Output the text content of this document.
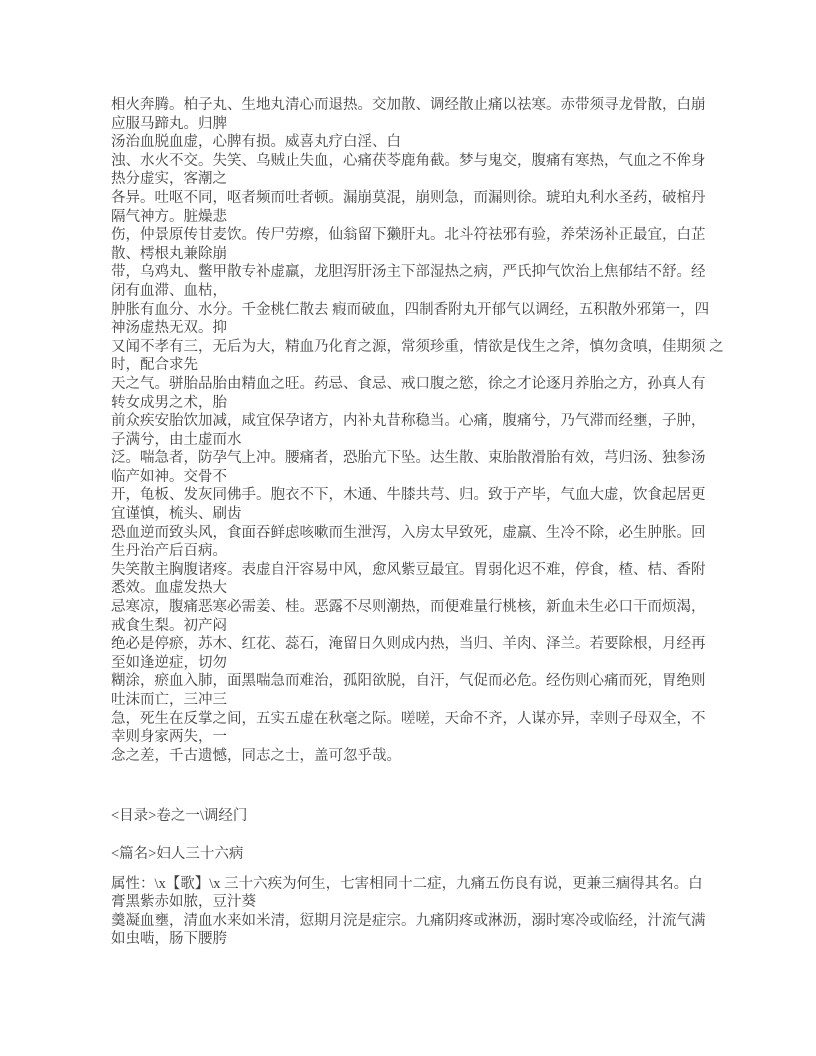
相火奔腾。柏子丸、生地丸清心而退热。交加散、调经散止痛以祛寒。赤带须寻龙骨散，白崩
应服马蹄丸。归脾
汤治血脱血虚，心脾有损。威喜丸疗白淫、白
浊、水火不交。失笑、乌贼止失血，心痛茯苓鹿角截。梦与鬼交，腹痛有寒热，气血之不侔身
热分虚实，客潮之
各异。吐呕不同，呕者频而吐者顿。漏崩莫混，崩则急，而漏则徐。琥珀丸利水圣药，破棺丹
隔气神方。脏燥悲
伤，仲景原传甘麦饮。传尸劳瘵，仙翁留下獭肝丸。北斗符祛邪有验，养荣汤补正最宜，白芷
散、樗根丸兼除崩
带，乌鸡丸、鳖甲散专补虚羸，龙胆泻肝汤主下部湿热之病，严氏抑气饮治上焦郁结不舒。经
闭有血滞、血枯，
肿胀有血分、水分。千金桃仁散去 瘕而破血，四制香附丸开郁气以调经，五积散外邪第一，四
神汤虚热无双。抑
又闻不孝有三，无后为大，精血乃化育之源，常须珍重，情欲是伐生之斧，慎勿贪嗔，佳期须 之
时，配合求先
天之气。骈胎品胎由精血之旺。药忌、食忌、戒口腹之慾，徐之才论逐月养胎之方，孙真人有
转女成男之术，胎
前众疾安胎饮加减，咸宜保孕诸方，内补丸昔称稳当。心痛，腹痛兮，乃气滞而经壅，子肿，
子满兮，由土虚而水
泛。喘急者，防孕气上冲。腰痛者，恐胎亢下坠。达生散、束胎散滑胎有效，芎归汤、独参汤
临产如神。交骨不
开，龟板、发灰同佛手。胞衣不下，木通、牛膝共芎、归。致于产毕，气血大虚，饮食起居更
宜谨慎，梳头、刷齿
恐血逆而致头风，食面吞鲜虑咳嗽而生泄泻，入房太早致死，虚羸、生冷不除，必生肿胀。回
生丹治产后百病。
失笑散主胸腹诸疼。表虚自汗容易中风，愈风紫豆最宜。胃弱化迟不难，停食，楂、桔、香附
悉效。血虚发热大
忌寒凉，腹痛恶寒必需姜、桂。恶露不尽则潮热，而便难量行桃核，新血未生必口干而烦渴，
戒食生梨。初产闷
绝必是停瘀，苏木、红花、蕊石，淹留日久则成内热，当归、羊肉、泽兰。若要除根，月经再
至如逢逆症，切勿
糊涂，瘀血入肺，面黑喘急而难治，孤阳欲脱，自汗，气促而必危。经伤则心痛而死，胃绝则
吐沫而亡，三冲三
急，死生在反掌之间，五实五虚在秋毫之际。嗟嗟，天命不齐，人谋亦异，幸则子母双全，不
幸则身家两失，一
念之差，千古遗憾，同志之士，盖可忽乎哉。
<目录>卷之一\调经门
<篇名>妇人三十六病
属性：\x【歌】\x 三十六疾为何生，七害相同十二症，九痛五伤良有说，更兼三痼得其名。白
膏黑紫赤如脓，豆汁葵
羹凝血壅，清血水来如米清，愆期月浣是症宗。九痛阴疼或淋沥，溺时寒冷或临经，汁流气满
如虫啮，肠下腰胯
